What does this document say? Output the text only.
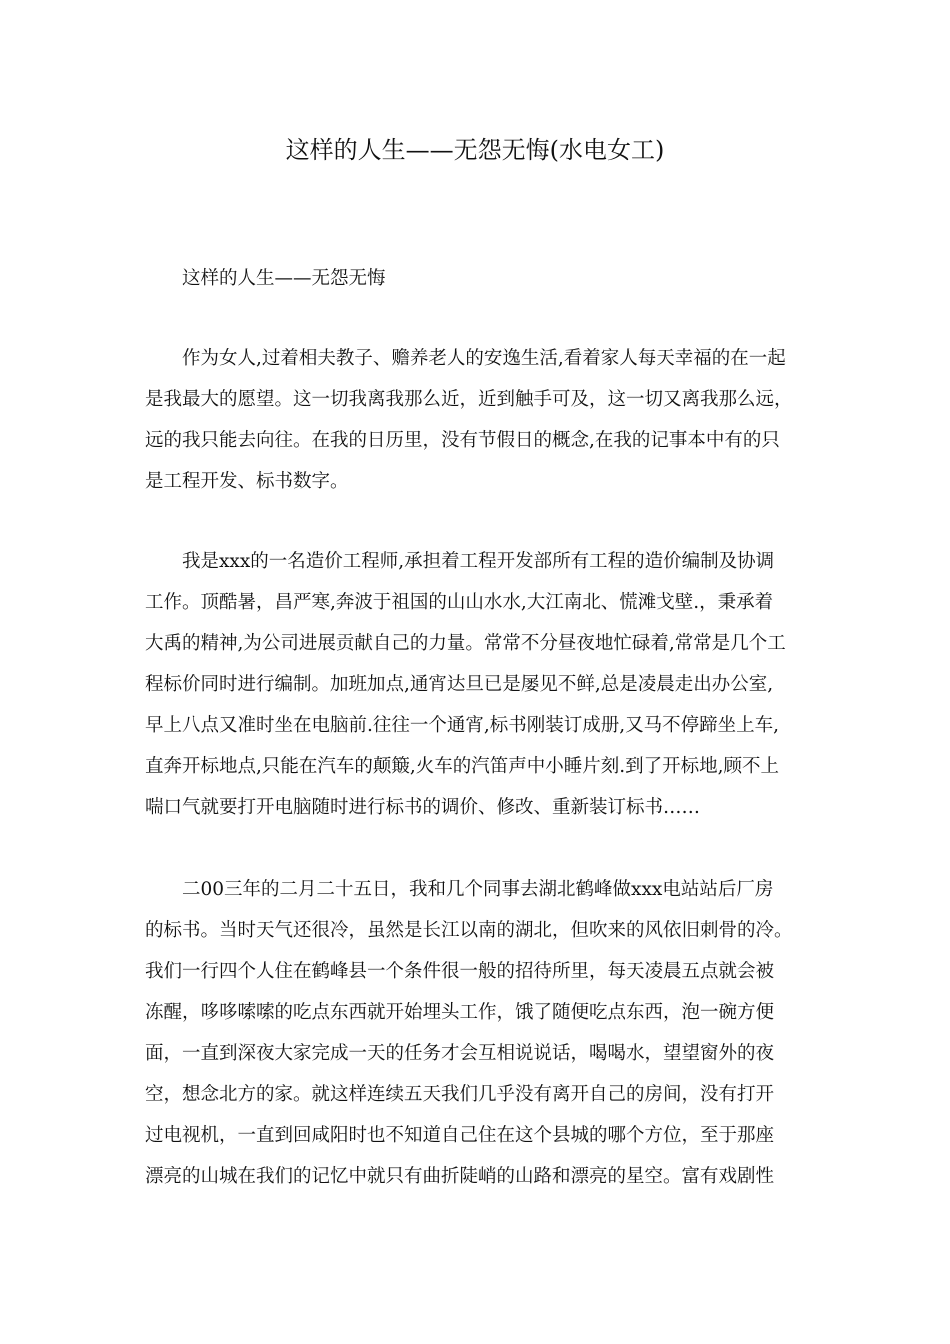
这样的人生——无怨无悔(水电女工)
这样的人生——无怨无悔
作为女人,过着相夫教子、赡养老人的安逸生活,看着家人每天幸福的在一起
是我最大的愿望。这一切我离我那么近，近到触手可及，这一切又离我那么远，
远的我只能去向往。在我的日历里，没有节假日的概念,在我的记事本中有的只
是工程开发、标书数字。
我是xxx的一名造价工程师,承担着工程开发部所有工程的造价编制及协调
工作。顶酷暑，昌严寒,奔波于祖国的山山水水,大江南北、慌滩戈壁.，秉承着
大禹的精神,为公司进展贡献自己的力量。常常不分昼夜地忙碌着,常常是几个工
程标价同时进行编制。加班加点,通宵达旦已是屡见不鲜,总是凌晨走出办公室,
早上八点又准时坐在电脑前.往往一个通宵,标书刚装订成册,又马不停蹄坐上车,
直奔开标地点,只能在汽车的颠簸,火车的汽笛声中小睡片刻.到了开标地,顾不上
喘口气就要打开电脑随时进行标书的调价、修改、重新装订标书……
二00三年的二月二十五日，我和几个同事去湖北鹤峰做xxx电站站后厂房
的标书。当时天气还很冷，虽然是长江以南的湖北，但吹来的风依旧刺骨的冷。
我们一行四个人住在鹤峰县一个条件很一般的招待所里，每天凌晨五点就会被
冻醒，哆哆嗦嗦的吃点东西就开始埋头工作，饿了随便吃点东西，泡一碗方便
面，一直到深夜大家完成一天的任务才会互相说说话，喝喝水，望望窗外的夜
空，想念北方的家。就这样连续五天我们几乎没有离开自己的房间，没有打开
过电视机，一直到回咸阳时也不知道自己住在这个县城的哪个方位，至于那座
漂亮的山城在我们的记忆中就只有曲折陡峭的山路和漂亮的星空。富有戏剧性
